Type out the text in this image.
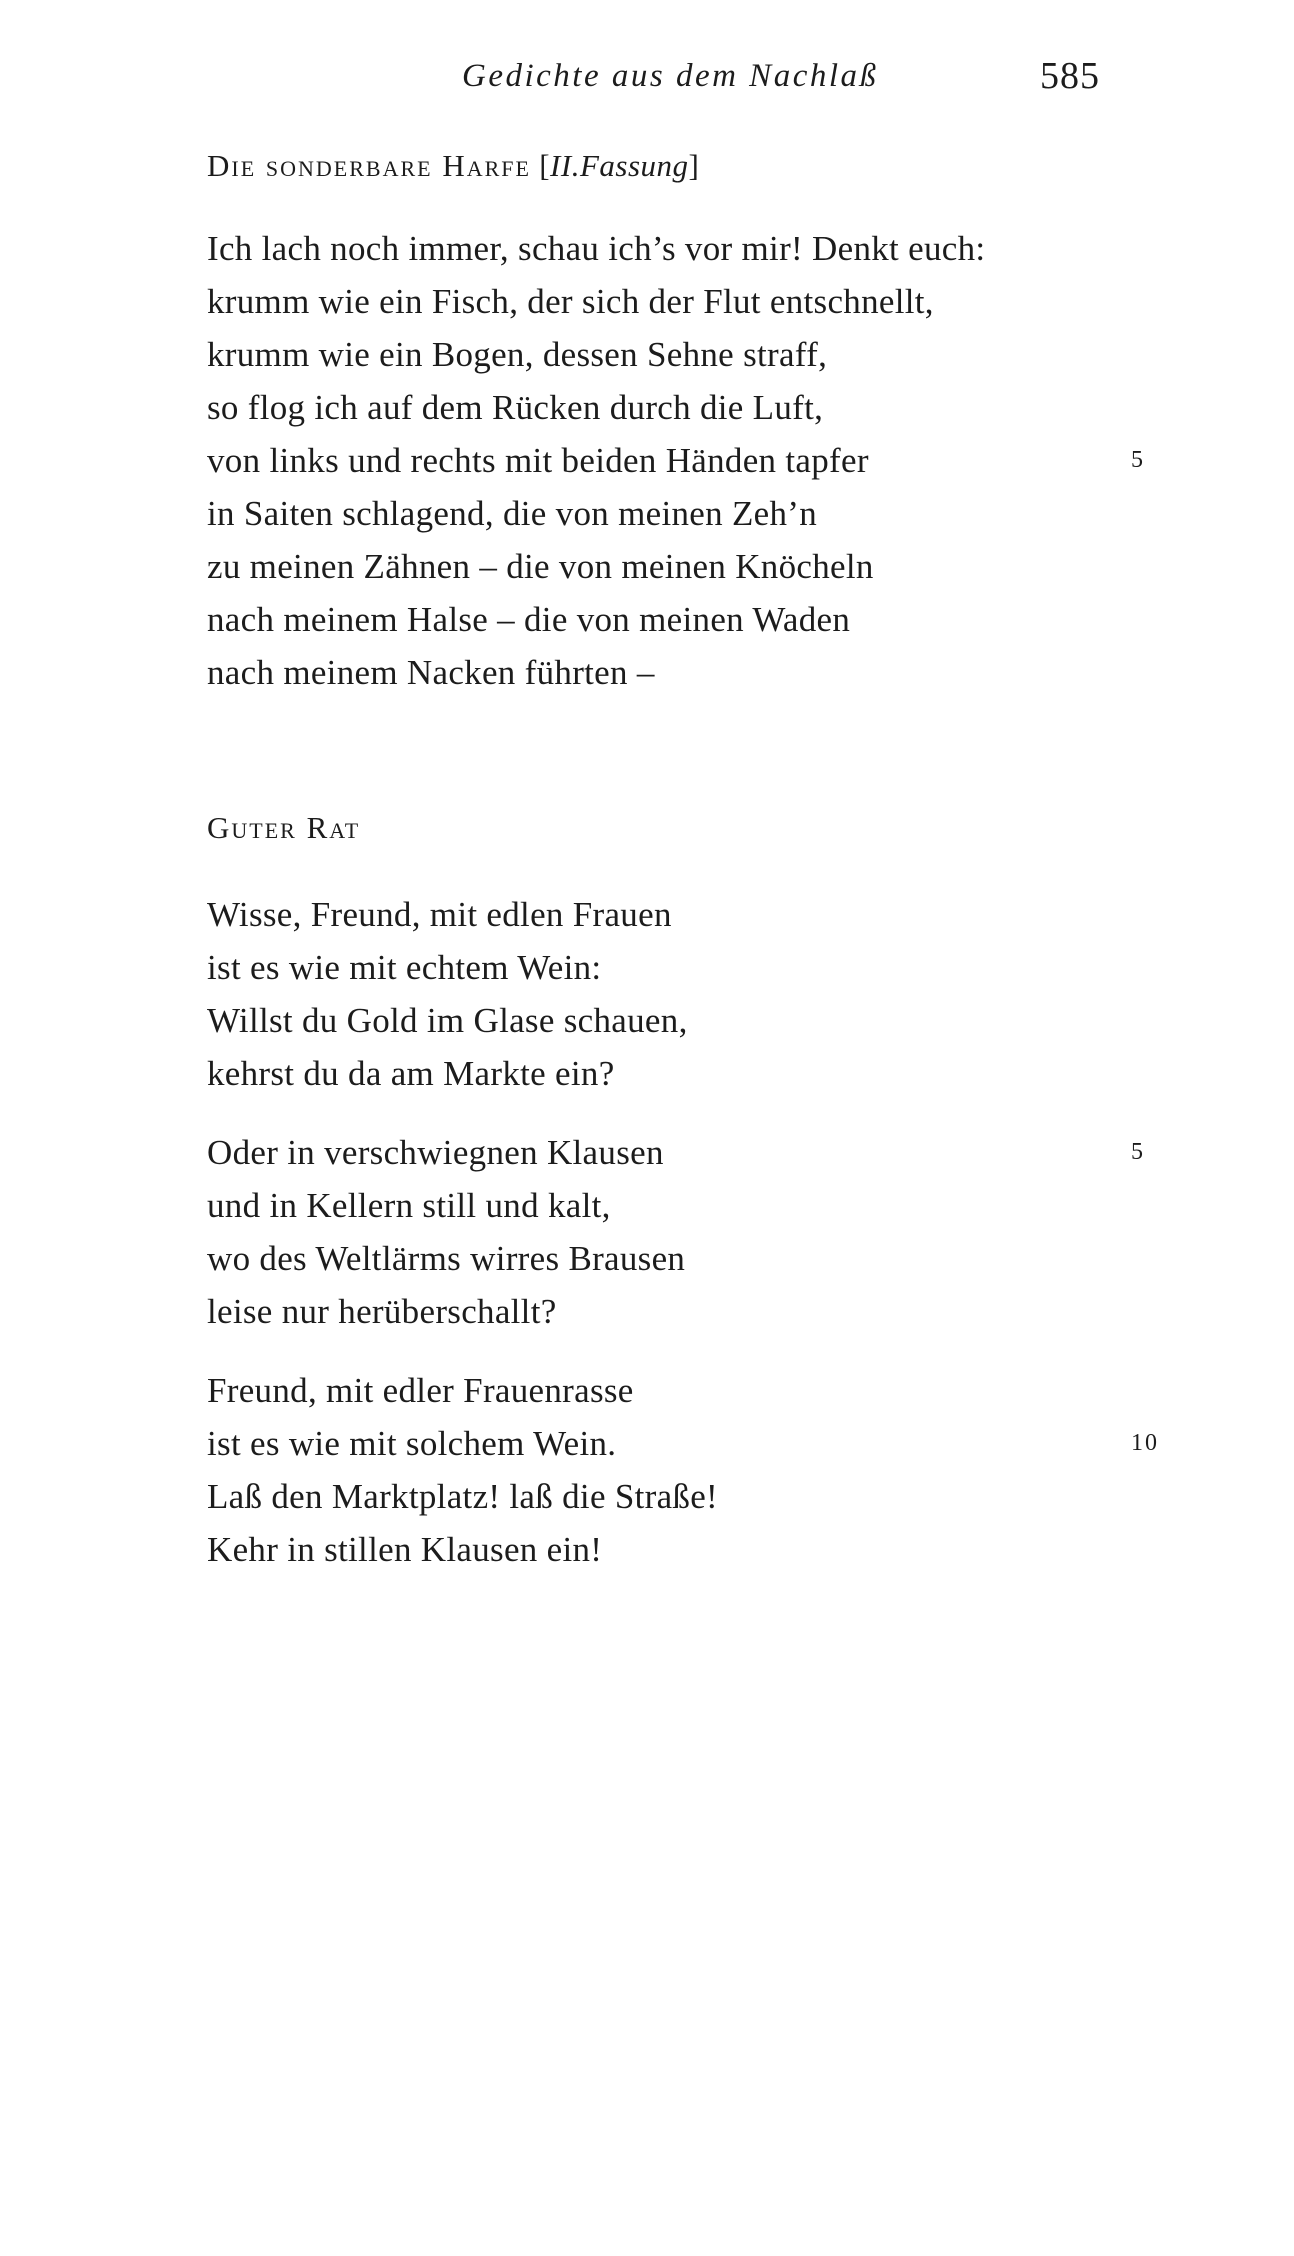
Gedichte aus dem Nachlaß	585
Die sonderbare Harfe [II.Fassung]
Ich lach noch immer, schau ich’s vor mir! Denkt euch:
krumm wie ein Fisch, der sich der Flut entschnellt,
krumm wie ein Bogen, dessen Sehne straff,
so flog ich auf dem Rücken durch die Luft,
von links und rechts mit beiden Händen tapfer	5
in Saiten schlagend, die von meinen Zeh’n
zu meinen Zähnen – die von meinen Knöcheln
nach meinem Halse – die von meinen Waden
nach meinem Nacken führten –
Guter Rat
Wisse, Freund, mit edlen Frauen
ist es wie mit echtem Wein:
Willst du Gold im Glase schauen,
kehrst du da am Markte ein?
Oder in verschwiegnen Klausen	5
und in Kellern still und kalt,
wo des Weltlärms wirres Brausen
leise nur herüberschallt?
Freund, mit edler Frauenrasse
ist es wie mit solchem Wein.	10
Laß den Marktplatz! laß die Straße!
Kehr in stillen Klausen ein!
